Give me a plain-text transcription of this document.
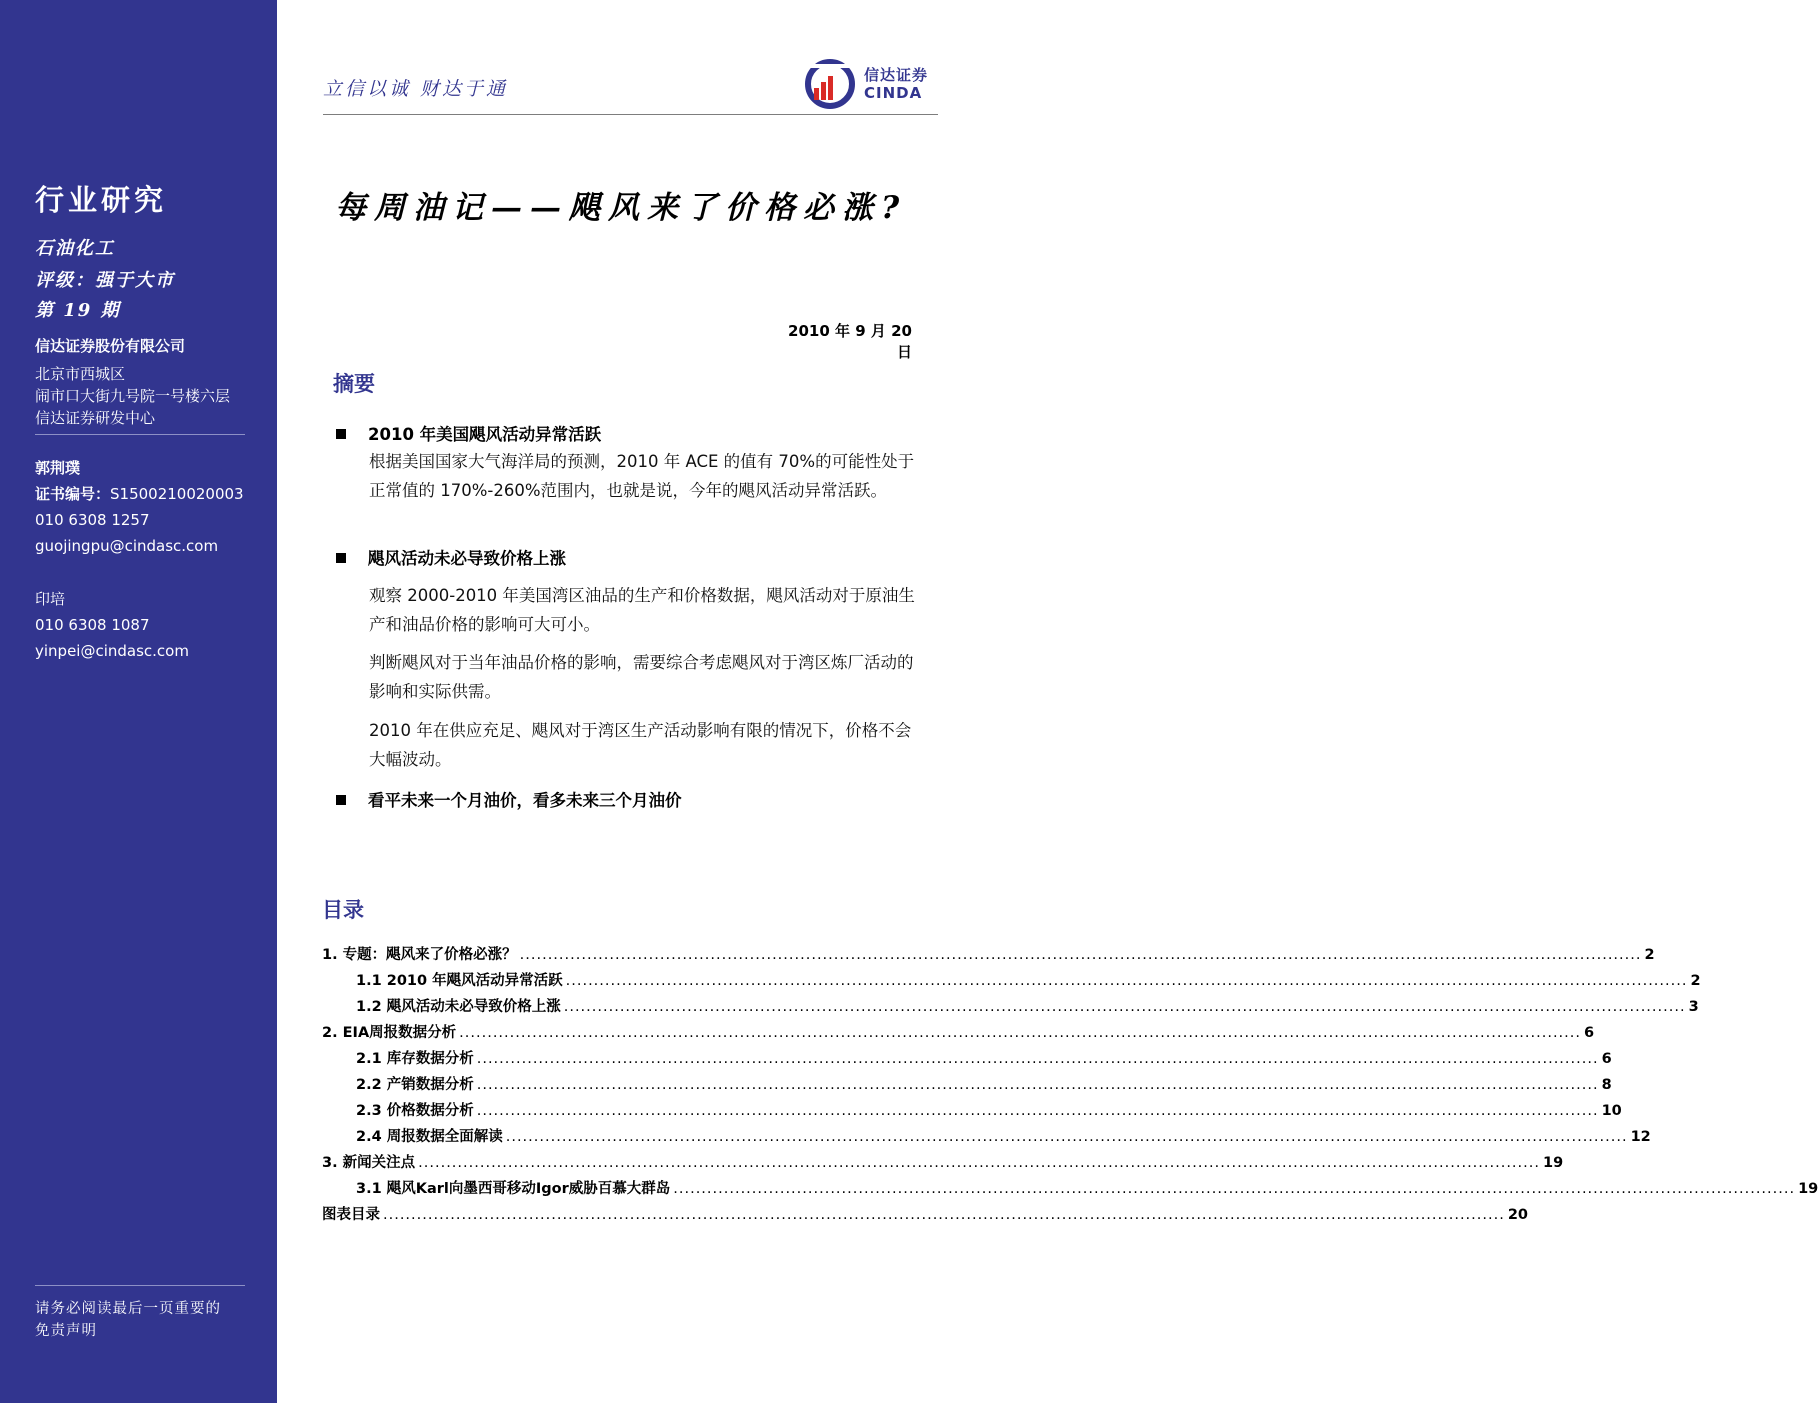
行业研究
石油化工
评级：强于大市
第 19 期
信达证券股份有限公司
北京市西城区
闹市口大街九号院一号楼六层
信达证券研发中心
郭荆璞
证书编号：S1500210020003
010 6308 1257
guojingpu@cindasc.com
印培
010 6308 1087
yinpei@cindasc.com
请务必阅读最后一页重要的
免责声明
立信以诚 财达于通
信达证券
CINDA
每周油记——飓风来了价格必涨?
2010 年 9 月 20 日
摘要
2010 年美国飓风活动异常活跃
根据美国国家大气海洋局的预测，2010 年 ACE 的值有 70%的可能性处于正常值的 170%-260%范围内，也就是说，今年的飓风活动异常活跃。
飓风活动未必导致价格上涨
观察 2000-2010 年美国湾区油品的生产和价格数据，飓风活动对于原油生产和油品价格的影响可大可小。
判断飓风对于当年油品价格的影响，需要综合考虑飓风对于湾区炼厂活动的影响和实际供需。
2010 年在供应充足、飓风对于湾区生产活动影响有限的情况下，价格不会大幅波动。
看平未来一个月油价，看多未来三个月油价
目录
1. 专题：飓风来了价格必涨？ ........................................................................................................................................................................................................ 2
1.1 2010 年飓风活动异常活跃 ........................................................................................................................................................................................................ 2
1.2 飓风活动未必导致价格上涨 ........................................................................................................................................................................................................ 3
2. EIA周报数据分析 ........................................................................................................................................................................................................ 6
2.1 库存数据分析 ........................................................................................................................................................................................................ 6
2.2 产销数据分析 ........................................................................................................................................................................................................ 8
2.3 价格数据分析 ........................................................................................................................................................................................................ 10
2.4 周报数据全面解读 ........................................................................................................................................................................................................ 12
3. 新闻关注点 ........................................................................................................................................................................................................ 19
3.1 飓风Karl向墨西哥移动Igor威胁百慕大群岛 ........................................................................................................................................................................................................ 19
图表目录 ........................................................................................................................................................................................................ 20
